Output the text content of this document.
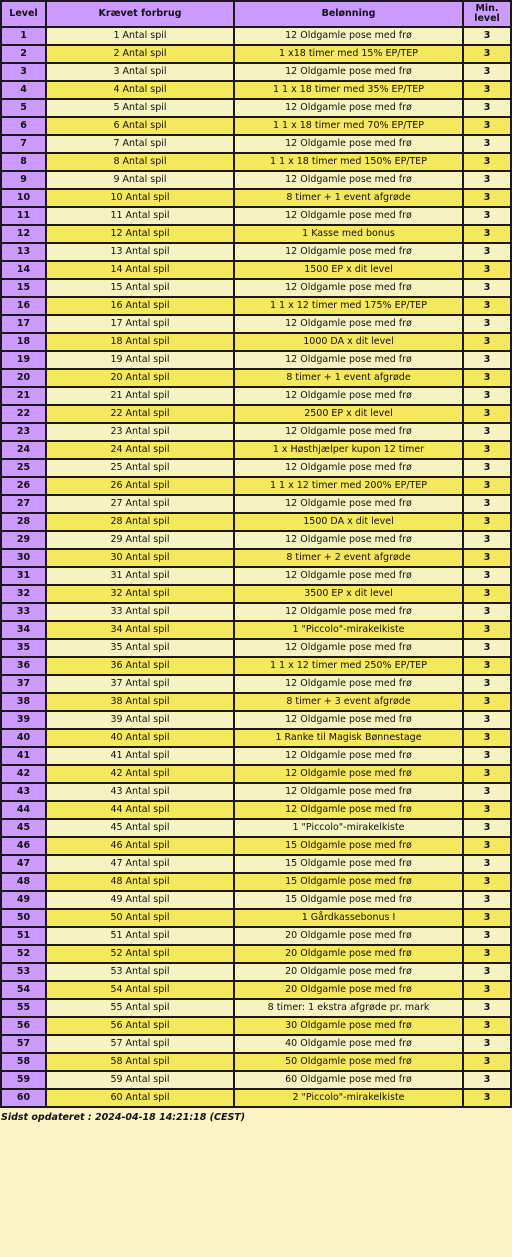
Level	Krævet forbrug	Belønning	Min. level
1	1 Antal spil	12 Oldgamle pose med frø	3
2	2 Antal spil	1 x18 timer med 15% EP/TEP	3
3	3 Antal spil	12 Oldgamle pose med frø	3
4	4 Antal spil	1 1 x 18 timer med 35% EP/TEP	3
5	5 Antal spil	12 Oldgamle pose med frø	3
6	6 Antal spil	1 1 x 18 timer med 70% EP/TEP	3
7	7 Antal spil	12 Oldgamle pose med frø	3
8	8 Antal spil	1 1 x 18 timer med 150% EP/TEP	3
9	9 Antal spil	12 Oldgamle pose med frø	3
10	10 Antal spil	8 timer + 1 event afgrøde	3
11	11 Antal spil	12 Oldgamle pose med frø	3
12	12 Antal spil	1 Kasse med bonus	3
13	13 Antal spil	12 Oldgamle pose med frø	3
14	14 Antal spil	1500 EP x dit level	3
15	15 Antal spil	12 Oldgamle pose med frø	3
16	16 Antal spil	1 1 x 12 timer med 175% EP/TEP	3
17	17 Antal spil	12 Oldgamle pose med frø	3
18	18 Antal spil	1000 DA x dit level	3
19	19 Antal spil	12 Oldgamle pose med frø	3
20	20 Antal spil	8 timer + 1 event afgrøde	3
21	21 Antal spil	12 Oldgamle pose med frø	3
22	22 Antal spil	2500 EP x dit level	3
23	23 Antal spil	12 Oldgamle pose med frø	3
24	24 Antal spil	1 x Høsthjælper kupon 12 timer	3
25	25 Antal spil	12 Oldgamle pose med frø	3
26	26 Antal spil	1 1 x 12 timer med 200% EP/TEP	3
27	27 Antal spil	12 Oldgamle pose med frø	3
28	28 Antal spil	1500 DA x dit level	3
29	29 Antal spil	12 Oldgamle pose med frø	3
30	30 Antal spil	8 timer + 2 event afgrøde	3
31	31 Antal spil	12 Oldgamle pose med frø	3
32	32 Antal spil	3500 EP x dit level	3
33	33 Antal spil	12 Oldgamle pose med frø	3
34	34 Antal spil	1 "Piccolo"-mirakelkiste	3
35	35 Antal spil	12 Oldgamle pose med frø	3
36	36 Antal spil	1 1 x 12 timer med 250% EP/TEP	3
37	37 Antal spil	12 Oldgamle pose med frø	3
38	38 Antal spil	8 timer + 3 event afgrøde	3
39	39 Antal spil	12 Oldgamle pose med frø	3
40	40 Antal spil	1 Ranke til Magisk Bønnestage	3
41	41 Antal spil	12 Oldgamle pose med frø	3
42	42 Antal spil	12 Oldgamle pose med frø	3
43	43 Antal spil	12 Oldgamle pose med frø	3
44	44 Antal spil	12 Oldgamle pose med frø	3
45	45 Antal spil	1 "Piccolo"-mirakelkiste	3
46	46 Antal spil	15 Oldgamle pose med frø	3
47	47 Antal spil	15 Oldgamle pose med frø	3
48	48 Antal spil	15 Oldgamle pose med frø	3
49	49 Antal spil	15 Oldgamle pose med frø	3
50	50 Antal spil	1 Gårdkassebonus I	3
51	51 Antal spil	20 Oldgamle pose med frø	3
52	52 Antal spil	20 Oldgamle pose med frø	3
53	53 Antal spil	20 Oldgamle pose med frø	3
54	54 Antal spil	20 Oldgamle pose med frø	3
55	55 Antal spil	8 timer: 1 ekstra afgrøde pr. mark	3
56	56 Antal spil	30 Oldgamle pose med frø	3
57	57 Antal spil	40 Oldgamle pose med frø	3
58	58 Antal spil	50 Oldgamle pose med frø	3
59	59 Antal spil	60 Oldgamle pose med frø	3
60	60 Antal spil	2 "Piccolo"-mirakelkiste	3
Sidst opdateret : 2024-04-18 14:21:18 (CEST)
